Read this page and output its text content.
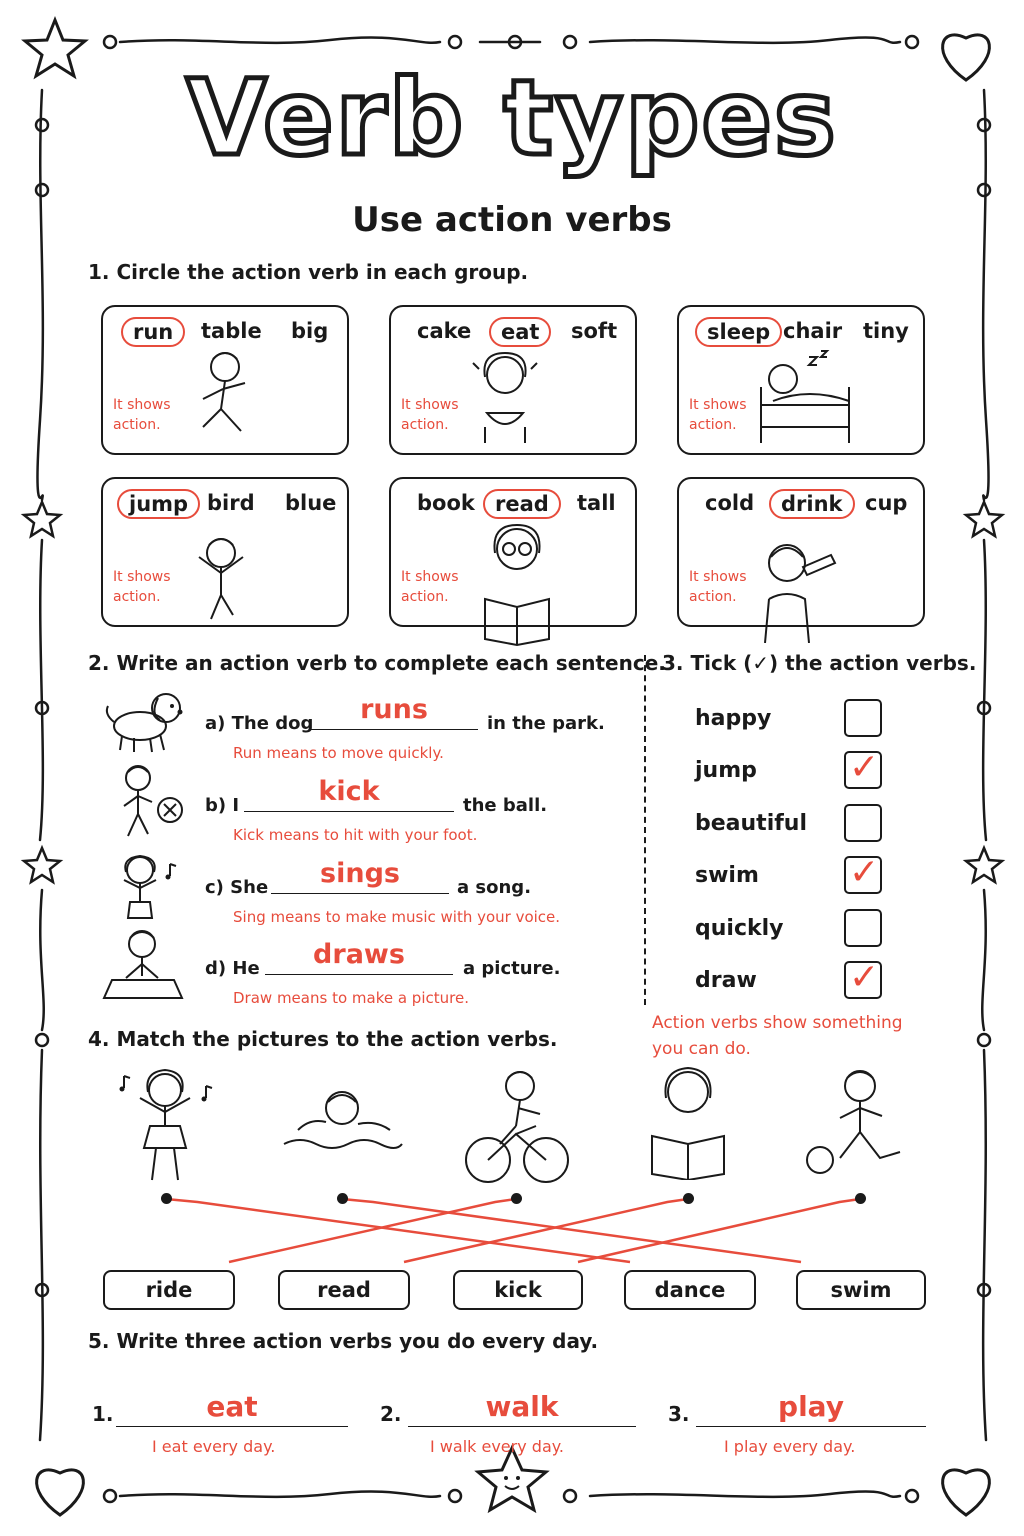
Verb types
Use action verbs
1. Circle the action verb in each group.
run	table big
It shows
action.
cake	eat	soft
It shows
action.
sleep chair tiny
It shows
action.
jump bird blue
It shows
action.
book read	tall
It shows
action.
cold	drink	cup
It shows
action.
2. Write an action verb to complete each sentence.
a) The dog	runs	in the park.
Run means to move quickly.
b) I	kick	the ball.
Kick means to hit with your foot.
c) She	sings	a song.
Sing means to make music with your voice.
d) He	draws	a picture.
Draw means to make a picture.
3. Tick (✓) the action verbs.
happy
jump	✓
beautiful
swim	✓
quickly
draw	✓
Action verbs show something
you can do.
4. Match the pictures to the action verbs.
ride	read	kick	dance	swim
5. Write three action verbs you do every day.
1.	eat
I eat every day.
2.	walk
I walk every day.
3.	play
I play every day.
